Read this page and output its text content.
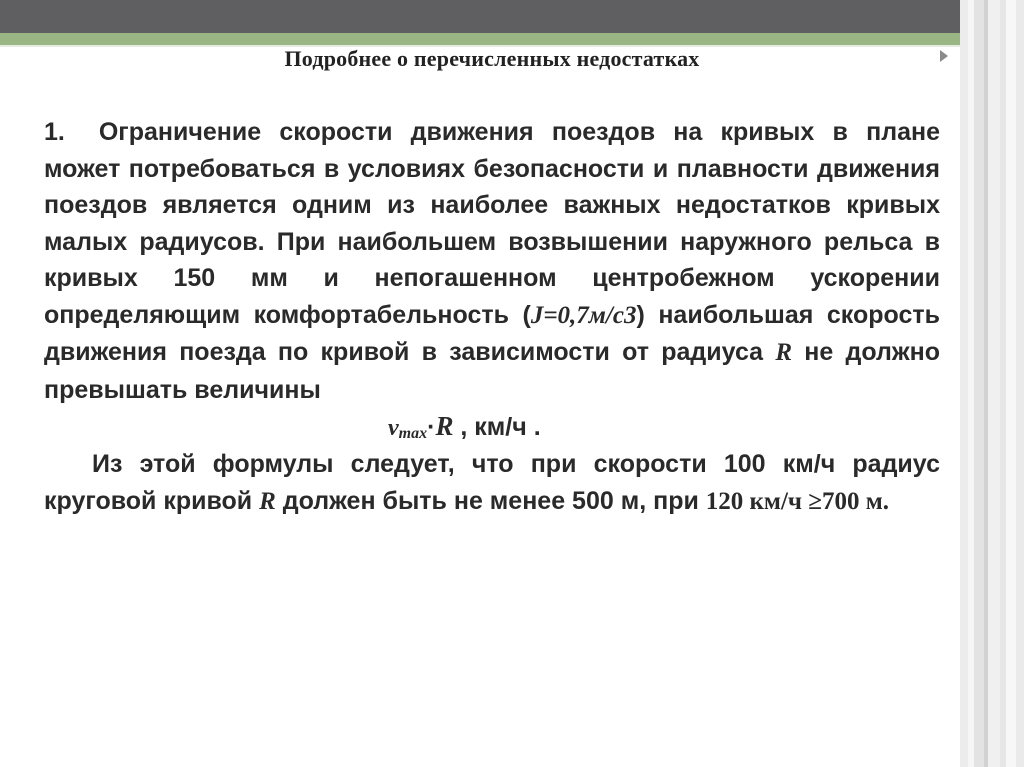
Подробнее о перечисленных недостатках

1. Ограничение скорости движения поездов на кривых в плане может потребоваться в условиях безопасности и плавности движения поездов является одним из наиболее важных недостатков кривых малых радиусов. При наибольшем возвышении наружного рельса в кривых 150 мм и непогашенном центробежном ускорении определяющим комфортабельность (J=0,7м/с3) наибольшая скорость движения поезда по кривой в зависимости от радиуса R не должно превышать величины

$v_{max}\cdot R$ , км/ч .

Из этой формулы следует, что при скорости 100 км/ч радиус круговой кривой R должен быть не менее 500 м, при 120 км/ч ≥700 м.
